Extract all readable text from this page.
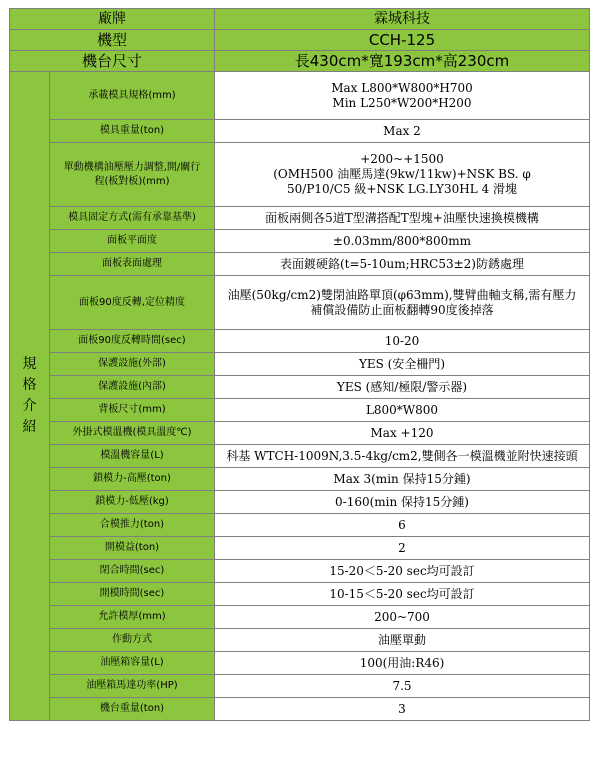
廠牌		霖城科技
機型		CCH-125
機台尺寸		長430cm*寬193cm*高230cm

規
格
介
紹	承載模具規格(mm)	Max L800*W800*H700
Min L250*W200*H200

	模具重量(ton)	Max 2

	單動機構油壓壓力調整,開/關行
程(板對板)(mm)	+200~+1500
(OMH500 油壓馬達(9kw/11kw)+NSK BS. φ
50/P10/C5 級+NSK LG.LY30HL 4 滑塊

	模具固定方式(需有承靠基準)	面板兩側各5道T型溝搭配T型塊+油壓快速換模機構

	面板平面度	±0.03mm/800*800mm

	面板表面處理	表面鍍硬鉻(t=5-10um;HRC53±2)防銹處理

	面板90度反轉,定位精度	油壓(50kg/cm2)雙閉油路單頂(φ63mm),雙臂曲軸支稱,需有壓力
補償設備防止面板翻轉90度後掉落

	面板90度反轉時間(sec)	10-20

	保護設施(外部)	YES (安全柵門)

	保護設施(內部)	YES (感知/極限/警示器)

	背板尺寸(mm)	L800*W800

	外掛式模溫機(模具溫度℃)	Max +120

	模溫機容量(L)	科基 WTCH-1009N,3.5-4kg/cm2,雙側各一模溫機並附快速接頭

	鎖模力-高壓(ton)	Max 3(min 保持15分鍾)

	鎖模力-低壓(kg)	0-160(min 保持15分鍾)

	合模推力(ton)	6

	開模益(ton)	2

	閉合時間(sec)	15-20＜5-20 sec均可設訂

	開模時間(sec)	10-15＜5-20 sec均可設訂

	允許模厚(mm)	200~700

	作動方式	油壓單動

	油壓箱容量(L)	100(用油:R46)

	油壓箱馬達功率(HP)	7.5

	機台重量(ton)	3
